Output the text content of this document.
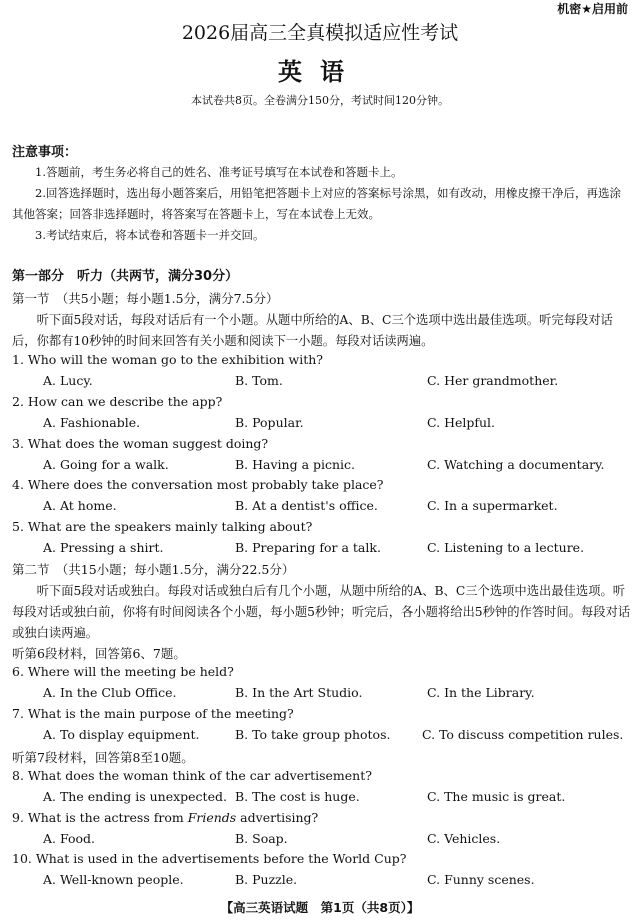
机密★启用前
2026届高三全真模拟适应性考试
英语
本试卷共8页。全卷满分150分，考试时间120分钟。
注意事项：

1.答题前，考生务必将自己的姓名、准考证号填写在本试卷和答题卡上。

2.回答选择题时，选出每小题答案后，用铅笔把答题卡上对应的答案标号涂黑，如有改动，用橡皮擦干净后，再选涂其他答案；回答非选择题时，将答案写在答题卡上，写在本试卷上无效。

3.考试结束后，将本试卷和答题卡一并交回。

第一部分　听力（共两节，满分30分）
第一节　（共5小题；每小题1.5分，满分7.5分）
听下面5段对话，每段对话后有一个小题。从题中所给的A、B、C三个选项中选出最佳选项。听完每段对话后，你都有10秒钟的时间来回答有关小题和阅读下一小题。每段对话读两遍。
1. Who will the woman go to the exhibition with?
A. Lucy.	B. Tom.	C. Her grandmother.
2. How can we describe the app?
A. Fashionable.	B. Popular.	C. Helpful.
3. What does the woman suggest doing?
A. Going for a walk.	B. Having a picnic.	C. Watching a documentary.
4. Where does the conversation most probably take place?
A. At home.	B. At a dentist's office.	C. In a supermarket.
5. What are the speakers mainly talking about?
A. Pressing a shirt.	B. Preparing for a talk.	C. Listening to a lecture.
第二节　（共15小题；每小题1.5分，满分22.5分）
听下面5段对话或独白。每段对话或独白后有几个小题，从题中所给的A、B、C三个选项中选出最佳选项。听每段对话或独白前，你将有时间阅读各个小题，每小题5秒钟；听完后，各小题将给出5秒钟的作答时间。每段对话或独白读两遍。
听第6段材料，回答第6、7题。
6. Where will the meeting be held?
A. In the Club Office.	B. In the Art Studio.	C. In the Library.
7. What is the main purpose of the meeting?
A. To display equipment.	B. To take group photos.	C. To discuss competition rules.
听第7段材料，回答第8至10题。
8. What does the woman think of the car advertisement?
A. The ending is unexpected. B. The cost is huge.	C. The music is great.
9. What is the actress from Friends advertising?
A. Food.	B. Soap.	C. Vehicles.
10. What is used in the advertisements before the World Cup?
A. Well-known people.	B. Puzzle.	C. Funny scenes.
【高三英语试题　第1页（共8页）】
